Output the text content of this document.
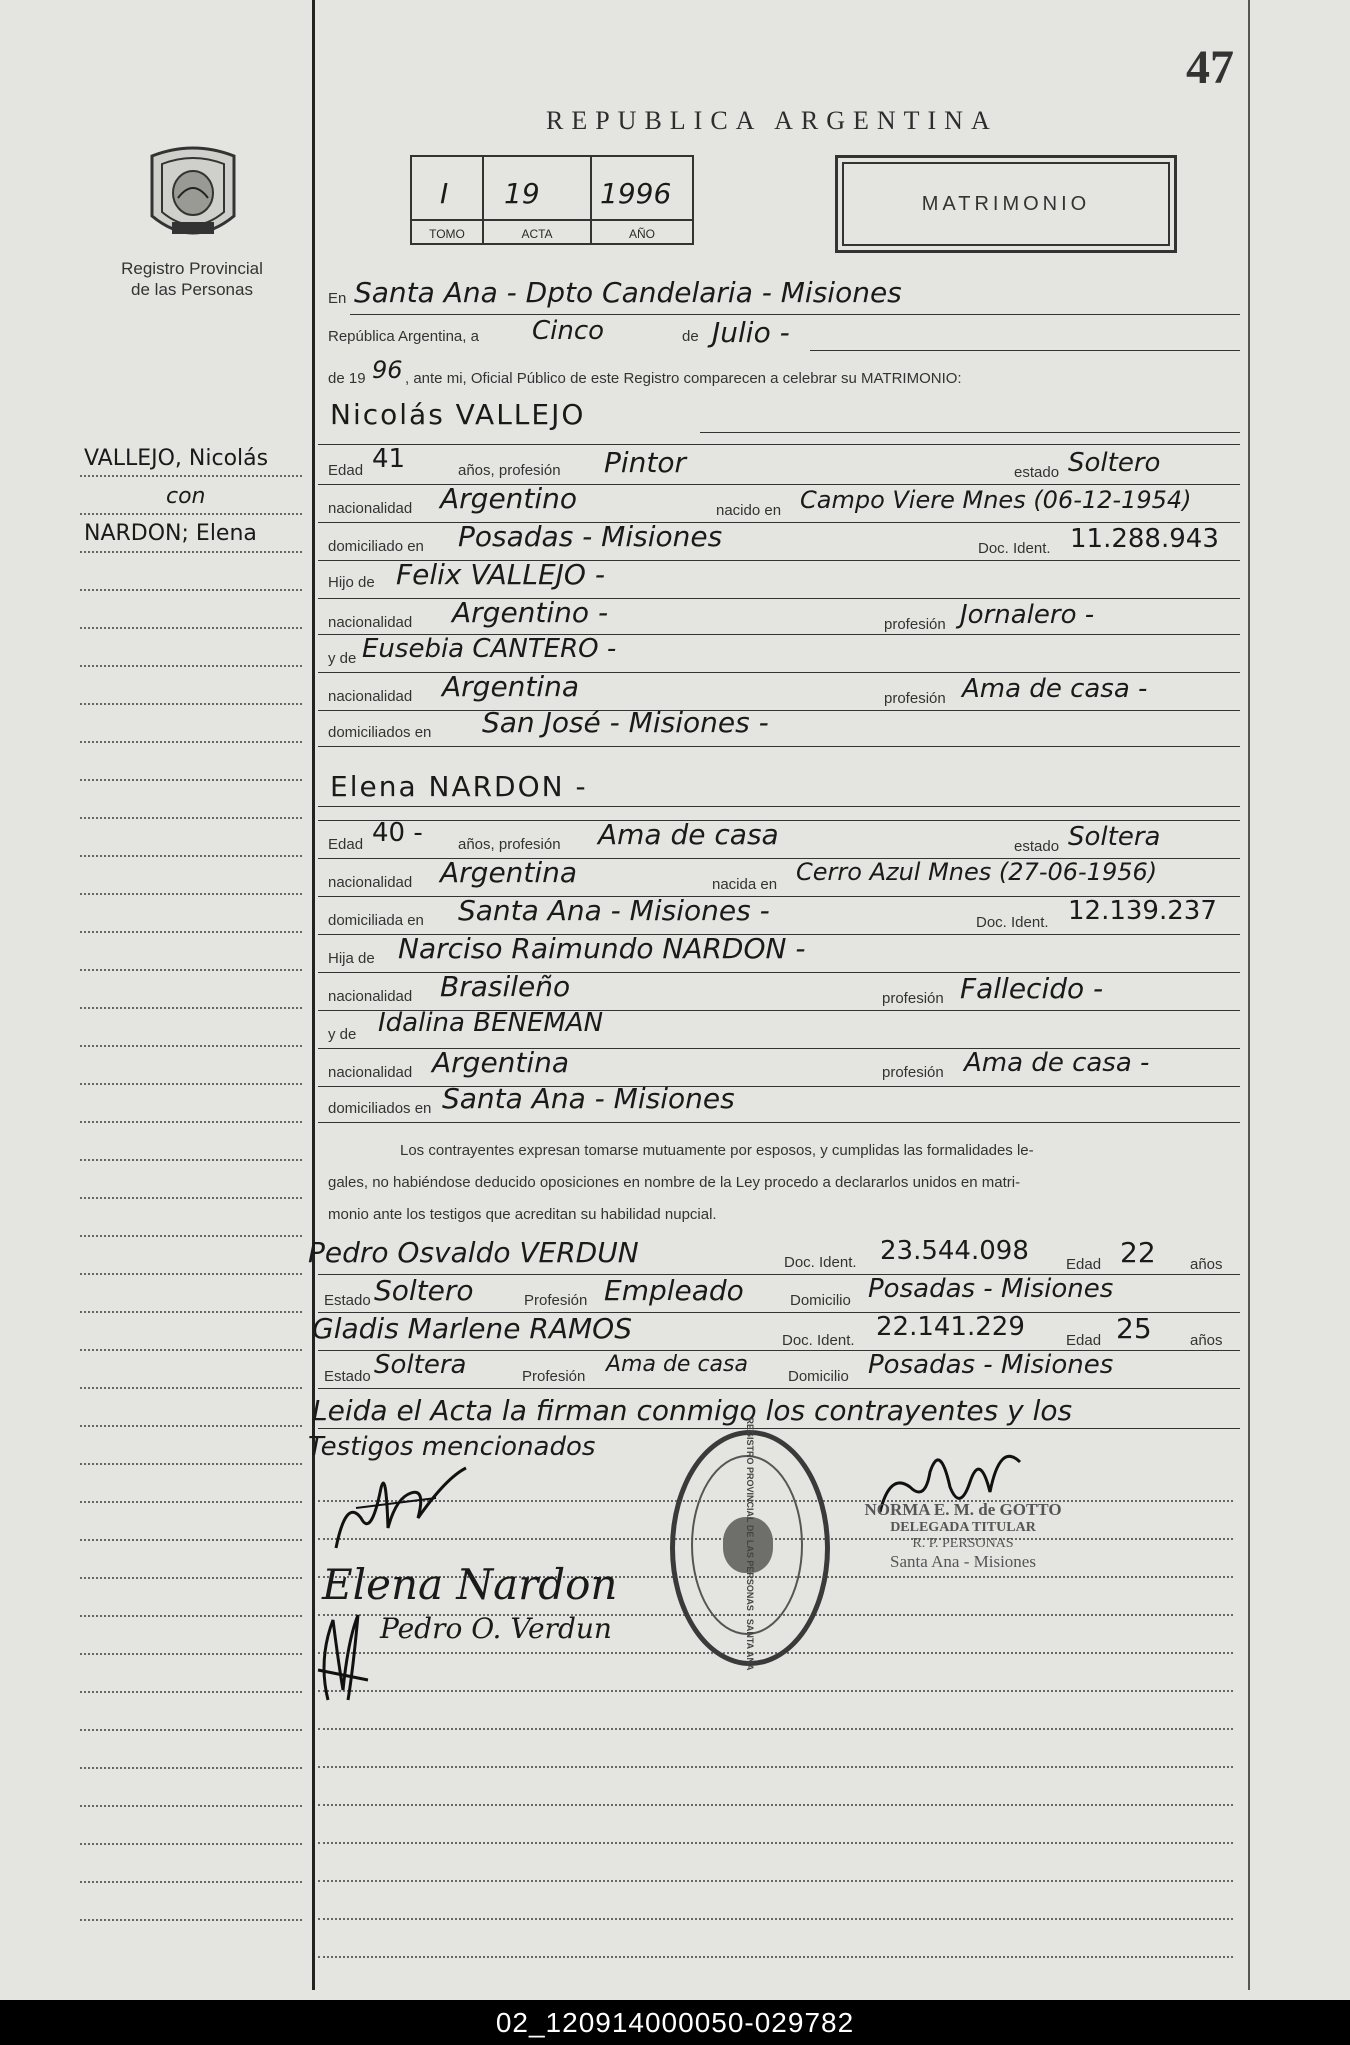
47
Registro Provincial
de las Personas
REPUBLICA ARGENTINA
I
TOMO
19
ACTA
1996
AÑO
MATRIMONIO
VALLEJO, Nicolás
con
NARDON; Elena
En Santa Ana - Dpto Candelaria - Misiones
República Argentina, a Cinco	de Julio -
de 19 96 , ante mi, Oficial Público de este Registro comparecen a celebrar su MATRIMONIO:
Nicolás VALLEJO
Edad 41	años, profesión Pintor	estado Soltero
nacionalidad Argentino	nacido en Campo Viere Mnes (06-12-1954)
domiciliado en Posadas - Misiones	Doc. Ident. 11.288.943
Hijo de Felix VALLEJO -
nacionalidad Argentino -	profesión Jornalero -
y de Eusebia CANTERO -
nacionalidad Argentina	profesión Ama de casa -
domiciliados en San José - Misiones -
Elena NARDON -
Edad 40 - años, profesión Ama de casa	estado Soltera
nacionalidad Argentina	nacida en Cerro Azul Mnes (27-06-1956)
domiciliada en Santa Ana - Misiones -	Doc. Ident. 12.139.237
Hija de Narciso Raimundo NARDON -
nacionalidad Brasileño	profesión Fallecido -
y de Idalina BENEMAN
nacionalidad Argentina	profesión Ama de casa -
domiciliados en Santa Ana - Misiones
Los contrayentes expresan tomarse mutuamente por esposos, y cumplidas las formalidades le-
gales, no habiéndose deducido oposiciones en nombre de la Ley procedo a declararlos unidos en matri-
monio ante los testigos que acreditan su habilidad nupcial.
Pedro Osvaldo VERDUN	Doc. Ident. 23.544.098 Edad 22 años
Estado Soltero	Profesión Empleado	Domicilio Posadas - Misiones
Gladis Marlene RAMOS	Doc. Ident. 22.141.229	Edad 25	años
Estado Soltera	Profesión Ama de casa	Domicilio Posadas - Misiones
Leida el Acta la firman conmigo los contrayentes y los
Testigos mencionados	REGISTRO PROVINCIAL DE LAS PERSONAS - SANTA ANA	NORMA E. M. de GOTTO
DELEGADA TITULAR
R. P. PERSONAS
Santa Ana - Misiones
Elena Nardon
Pedro O. Verdun
02_120914000050-029782
